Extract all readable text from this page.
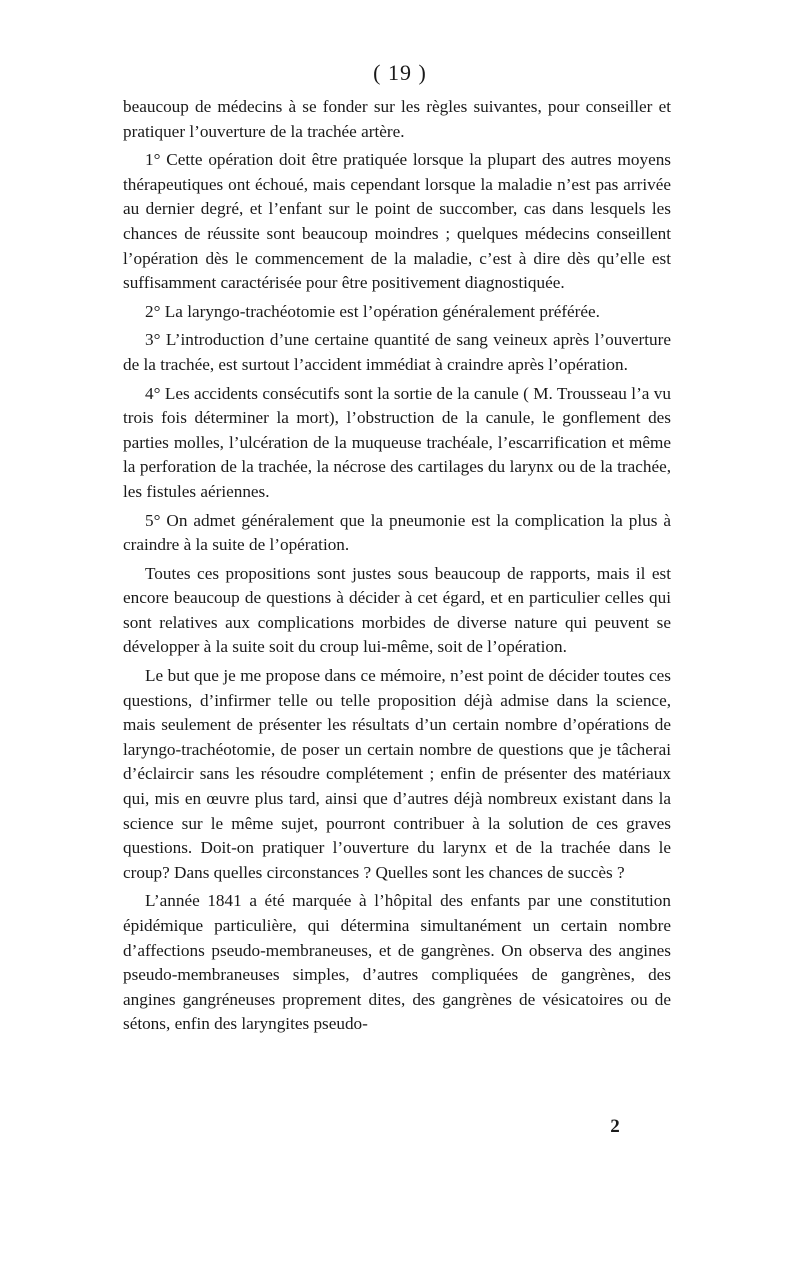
( 19 )

beaucoup de médecins à se fonder sur les règles suivantes, pour conseiller et pratiquer l’ouverture de la trachée artère.

1° Cette opération doit être pratiquée lorsque la plupart des autres moyens thérapeutiques ont échoué, mais cependant lorsque la maladie n’est pas arrivée au dernier degré, et l’enfant sur le point de succomber, cas dans lesquels les chances de réussite sont beaucoup moindres ; quelques médecins conseillent l’opération dès le commencement de la maladie, c’est à dire dès qu’elle est suffisamment caractérisée pour être positivement diagnostiquée.

2° La laryngo-trachéotomie est l’opération généralement préférée.

3° L’introduction d’une certaine quantité de sang veineux après l’ouverture de la trachée, est surtout l’accident immédiat à craindre après l’opération.

4° Les accidents consécutifs sont la sortie de la canule ( M. Trousseau l’a vu trois fois déterminer la mort), l’obstruction de la canule, le gonflement des parties molles, l’ulcération de la muqueuse trachéale, l’escarrification et même la perforation de la trachée, la nécrose des cartilages du larynx ou de la trachée, les fistules aériennes.

5° On admet généralement que la pneumonie est la complication la plus à craindre à la suite de l’opération.

Toutes ces propositions sont justes sous beaucoup de rapports, mais il est encore beaucoup de questions à décider à cet égard, et en particulier celles qui sont relatives aux complications morbides de diverse nature qui peuvent se développer à la suite soit du croup lui-même, soit de l’opération.

Le but que je me propose dans ce mémoire, n’est point de décider toutes ces questions, d’infirmer telle ou telle proposition déjà admise dans la science, mais seulement de présenter les résultats d’un certain nombre d’opérations de laryngo-trachéotomie, de poser un certain nombre de questions que je tâcherai d’éclaircir sans les résoudre complétement ; enfin de présenter des matériaux qui, mis en œuvre plus tard, ainsi que d’autres déjà nombreux existant dans la science sur le même sujet, pourront contribuer à la solution de ces graves questions. Doit-on pratiquer l’ouverture du larynx et de la trachée dans le croup? Dans quelles circonstances ? Quelles sont les chances de succès ?

L’année 1841 a été marquée à l’hôpital des enfants par une constitution épidémique particulière, qui détermina simultanément un certain nombre d’affections pseudo-membraneuses, et de gangrènes. On observa des angines pseudo-membraneuses simples, d’autres compliquées de gangrènes, des angines gangréneuses proprement dites, des gangrènes de vésicatoires ou de sétons, enfin des laryngites pseudo-

2
